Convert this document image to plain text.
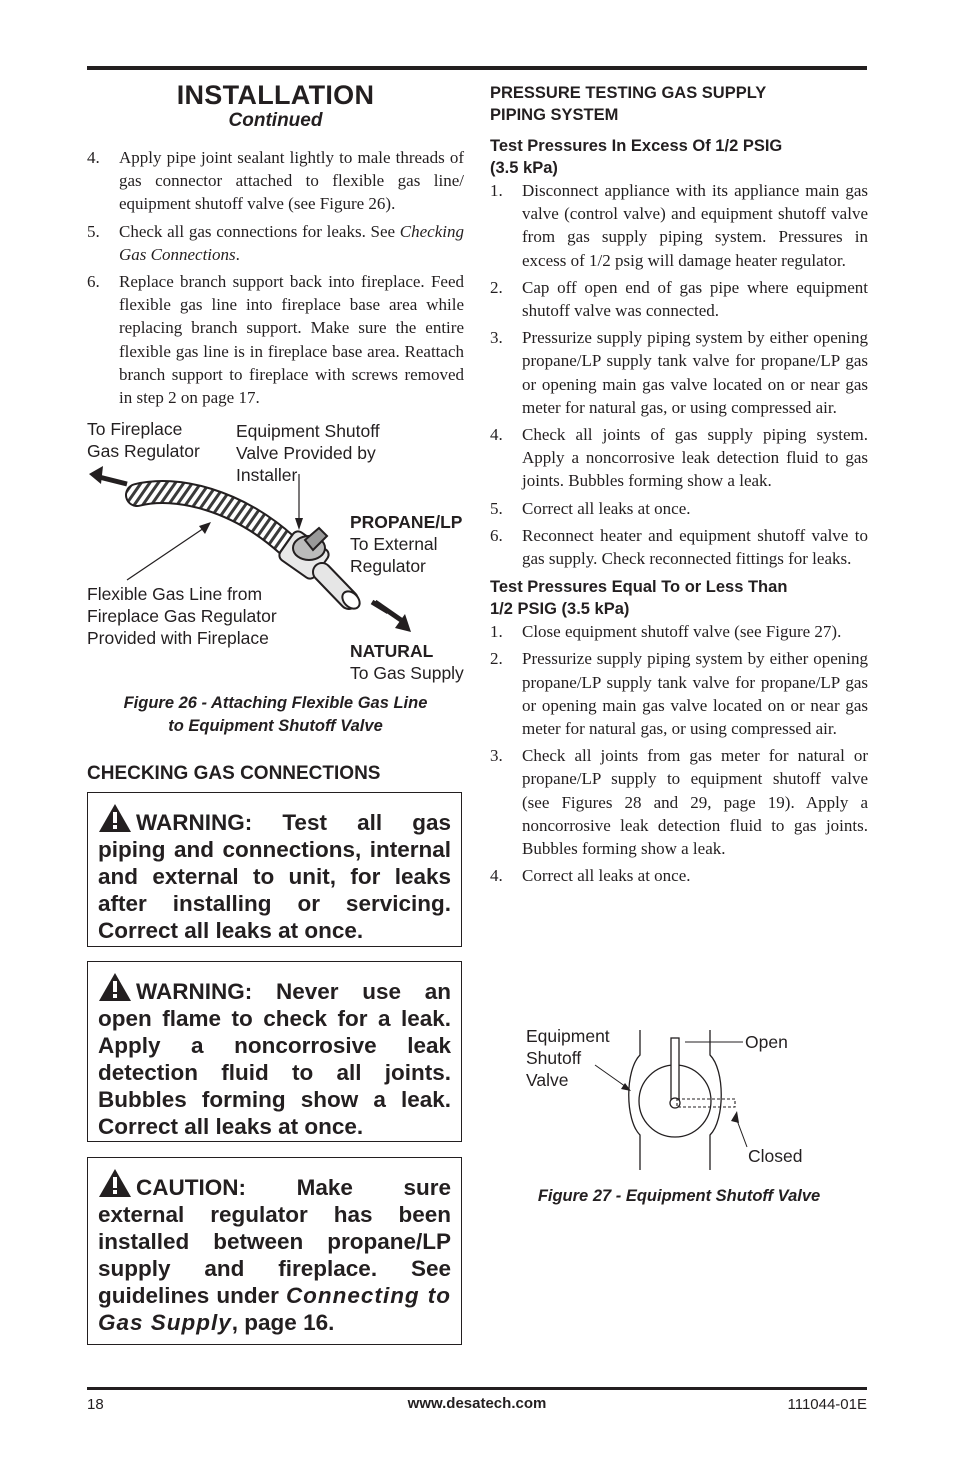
INSTALLATION
Continued
4. Apply pipe joint sealant lightly to male threads of gas connector attached to flexible gas line/ equipment shutoff valve (see Figure 26).
5. Check all gas connections for leaks. See Checking Gas Connections.
6. Replace branch support back into fireplace. Feed flexible gas line into fireplace base area while replacing branch support. Make sure the entire flexible gas line is in fireplace base area. Reattach branch support to fireplace with screws removed in step 2 on page 17.
To Fireplace
Gas Regulator
Equipment Shutoff
Valve Provided by
Installer
PROPANE/LP
To External
Regulator
Flexible Gas Line from
Fireplace Gas Regulator
Provided with Fireplace
NATURAL
To Gas Supply
Figure 26 - Attaching Flexible Gas Line
to Equipment Shutoff Valve
CHECKING GAS CONNECTIONS
WARNING: Test all gas piping and connections, internal and external to unit, for leaks after installing or servicing. Correct all leaks at once.
WARNING: Never use an open flame to check for a leak. Apply a noncorrosive leak detection fluid to all joints. Bubbles forming show a leak. Correct all leaks at once.
CAUTION: Make sure external regulator has been installed between propane/LP supply and fireplace. See guidelines under Connecting to Gas Supply, page 16.
PRESSURE TESTING GAS SUPPLY
PIPING SYSTEM
Test Pressures In Excess Of 1/2 PSIG
(3.5 kPa)
1. Disconnect appliance with its appliance main gas valve (control valve) and equipment shutoff valve from gas supply piping system. Pressures in excess of 1/2 psig will damage heater regulator.
2. Cap off open end of gas pipe where equipment shutoff valve was connected.
3. Pressurize supply piping system by either opening propane/LP supply tank valve for propane/LP gas or opening main gas valve located on or near gas meter for natural gas, or using compressed air.
4. Check all joints of gas supply piping system. Apply a noncorrosive leak detection fluid to gas joints. Bubbles forming show a leak.
5. Correct all leaks at once.
6. Reconnect heater and equipment shutoff valve to gas supply. Check reconnected fittings for leaks.
Test Pressures Equal To or Less Than
1/2 PSIG (3.5 kPa)
1. Close equipment shutoff valve (see Figure 27).
2. Pressurize supply piping system by either opening propane/LP supply tank valve for propane/LP gas or opening main gas valve located on or near gas meter for natural gas, or using compressed air.
3. Check all joints from gas meter for natural or propane/LP supply to equipment shutoff valve (see Figures 28 and 29, page 19). Apply a noncorrosive leak detection fluid to gas joints. Bubbles forming show a leak.
4. Correct all leaks at once.
Equipment
Shutoff
Valve
Open
Closed
Figure 27 - Equipment Shutoff Valve
18	www.desatech.com	111044-01E
